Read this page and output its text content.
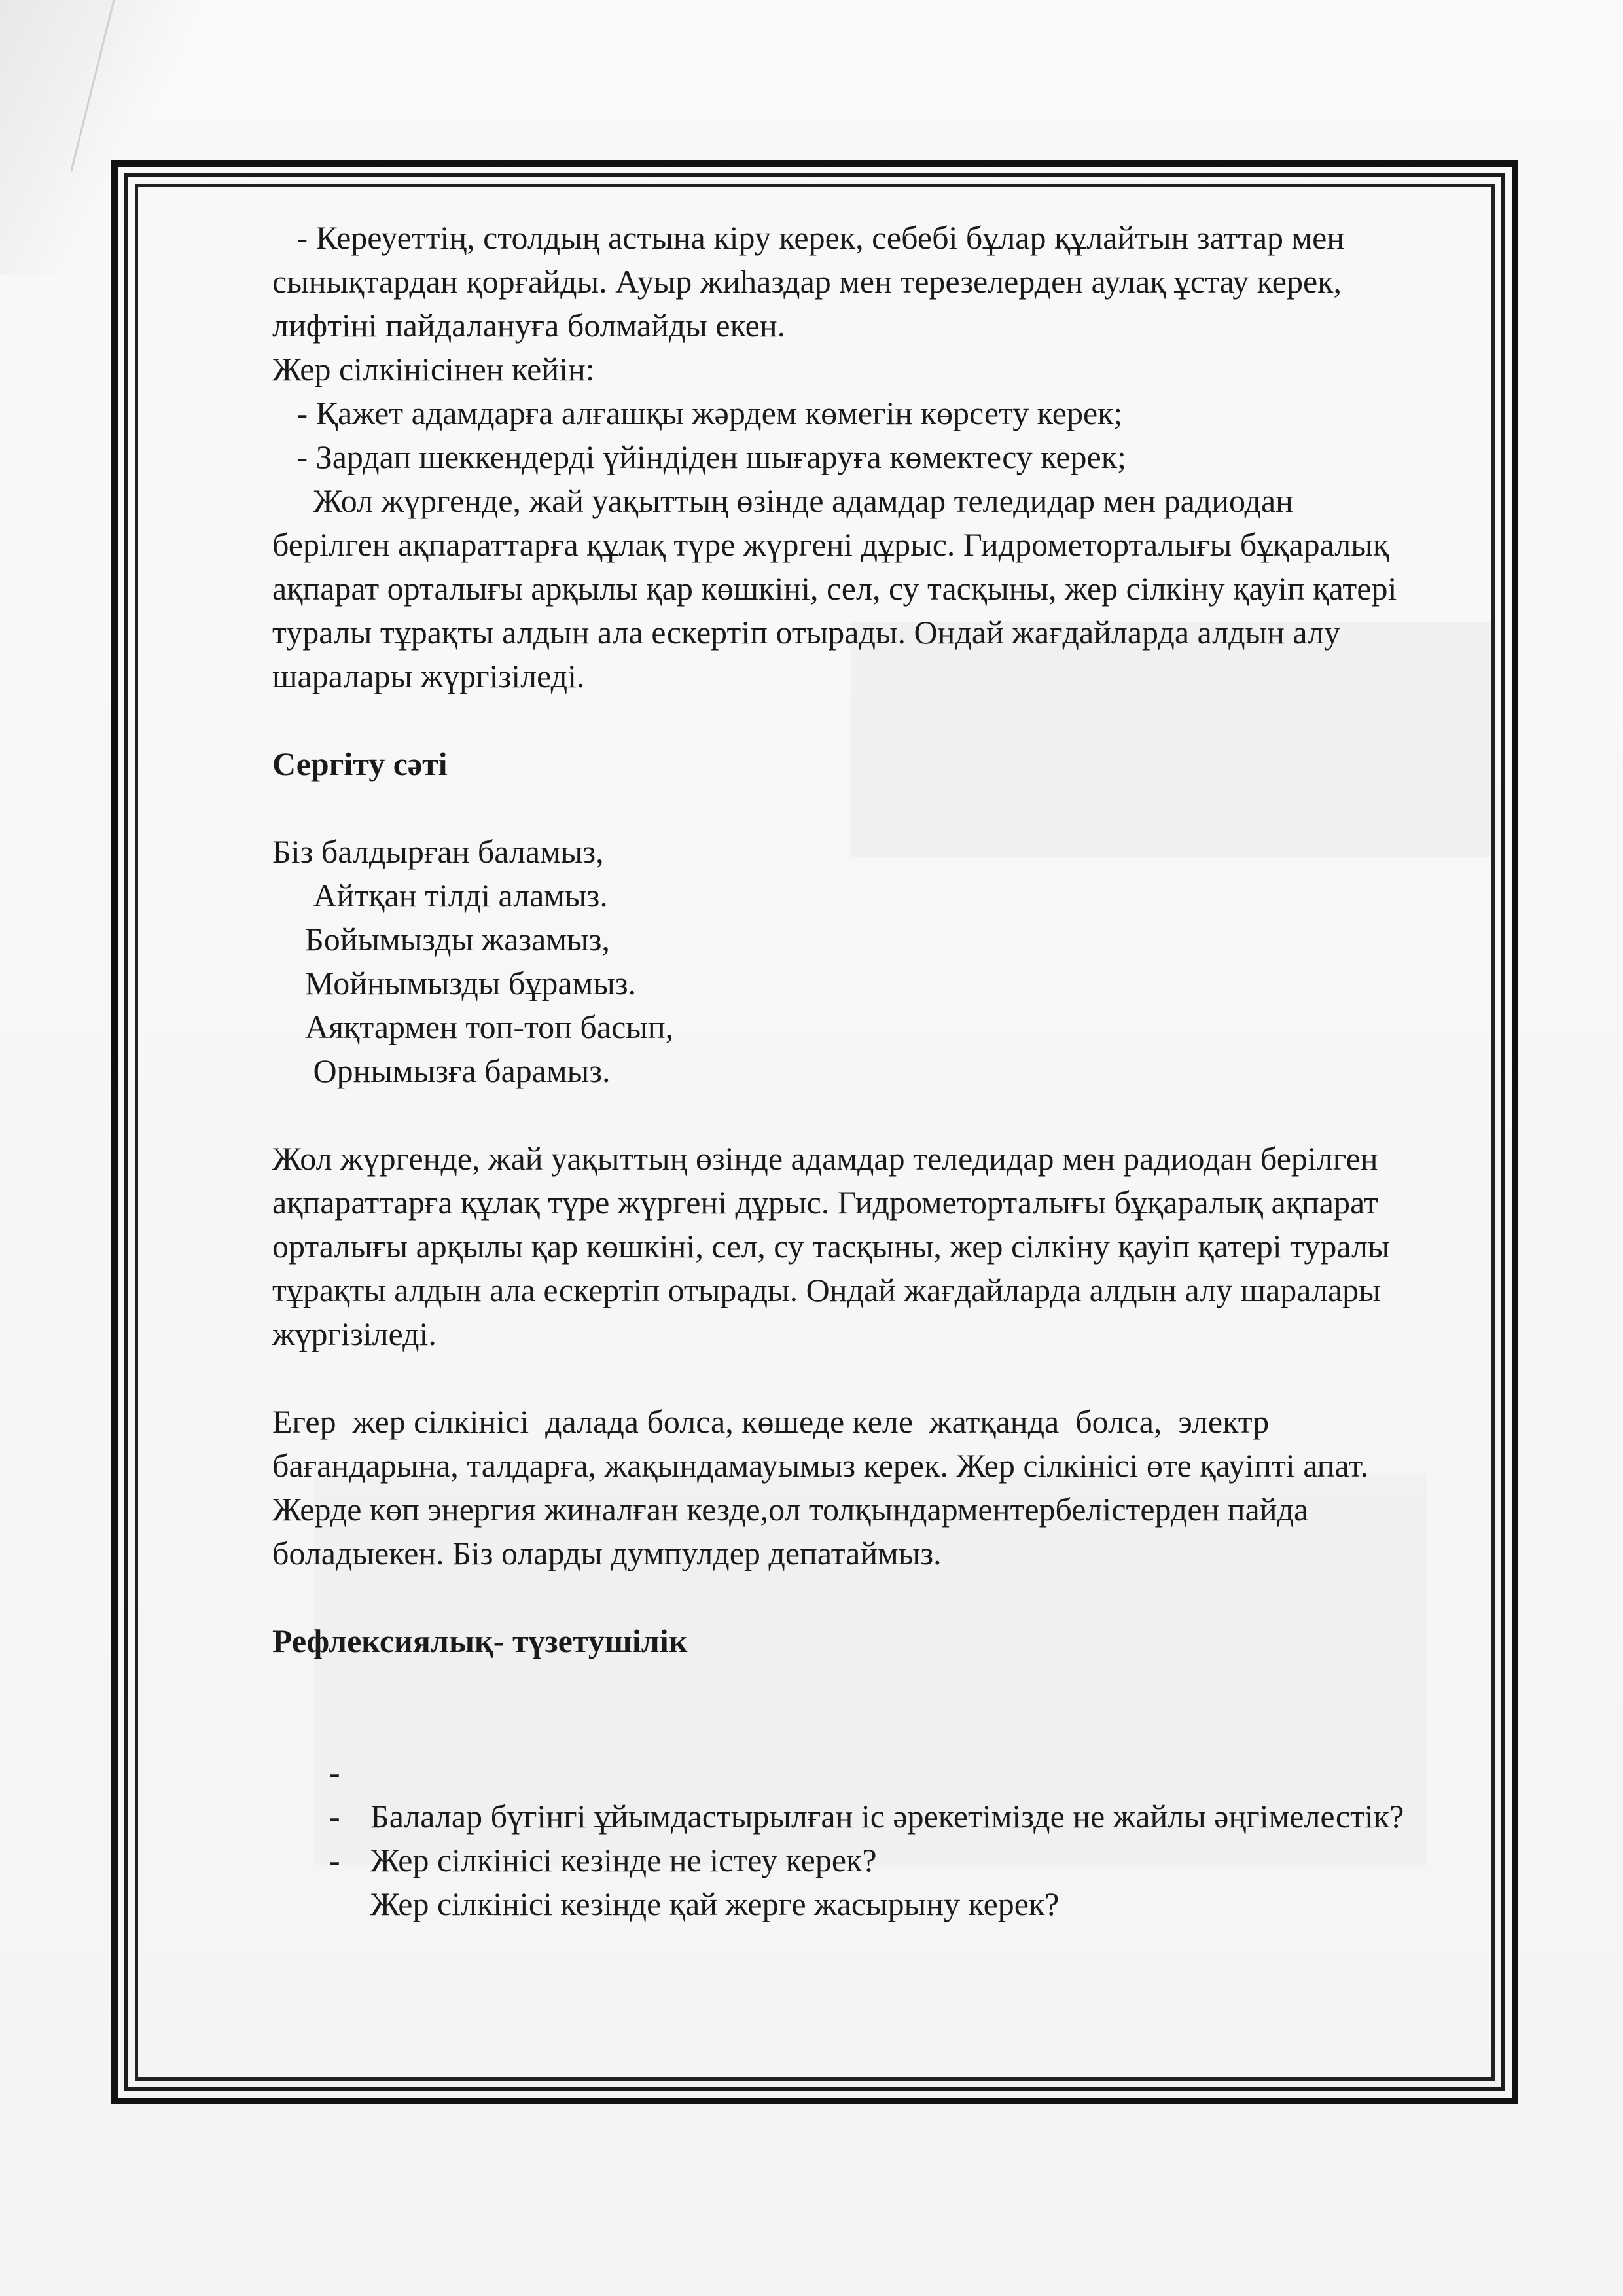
- Кереуеттің, столдың астына кіру керек, себебі бұлар құлайтын заттар мен
сынықтардан қорғайды. Ауыр жиһаздар мен терезелерден аулақ ұстау керек,
лифтіні пайдалануға болмайды екен.
Жер сілкінісінен кейін:
- Қажет адамдарға алғашқы жәрдем көмегін көрсету керек;
- Зардап шеккендерді үйіндіден шығаруға көмектесу керек;
Жол жүргенде, жай уақыттың өзінде адамдар теледидар мен радиодан
берілген ақпараттарға құлақ түре жүргені дұрыс. Гидрометорталығы бұқаралық
ақпарат орталығы арқылы қар көшкіні, сел, су тасқыны, жер сілкіну қауіп қатері
туралы тұрақты алдын ала ескертіп отырады. Ондай жағдайларда алдын алу
шаралары жүргізіледі.
Сергіту сәті
Біз балдырған баламыз,
Айтқан тілді аламыз.
Бойымызды жазамыз,
Мойнымызды бұрамыз.
Аяқтармен топ-топ басып,
Орнымызға барамыз.
Жол жүргенде, жай уақыттың өзінде адамдар теледидар мен радиодан берілген
ақпараттарға құлақ түре жүргені дұрыс. Гидрометорталығы бұқаралық ақпарат
орталығы арқылы қар көшкіні, сел, су тасқыны, жер сілкіну қауіп қатері туралы
тұрақты алдын ала ескертіп отырады. Ондай жағдайларда алдын алу шаралары
жүргізіледі.
Егер  жер сілкінісі  далада болса, көшеде келе  жатқанда  болса,  электр
бағандарына, талдарға, жақындамауымыз керек. Жер сілкінісі өте қауіпті апат.
Жерде көп энергия жиналған кезде,ол толқындарментербелістерден пайда
боладыекен. Біз оларды думпулдер депатаймыз.
Рефлексиялық- түзетушілік

-

Балалар бүгінгі ұйымдастырылған іс әрекетімізде не жайлы әңгімелестік?

-

Жер сілкінісі кезінде не істеу керек?

-

Жер сілкінісі кезінде қай жерге жасырыну керек?
